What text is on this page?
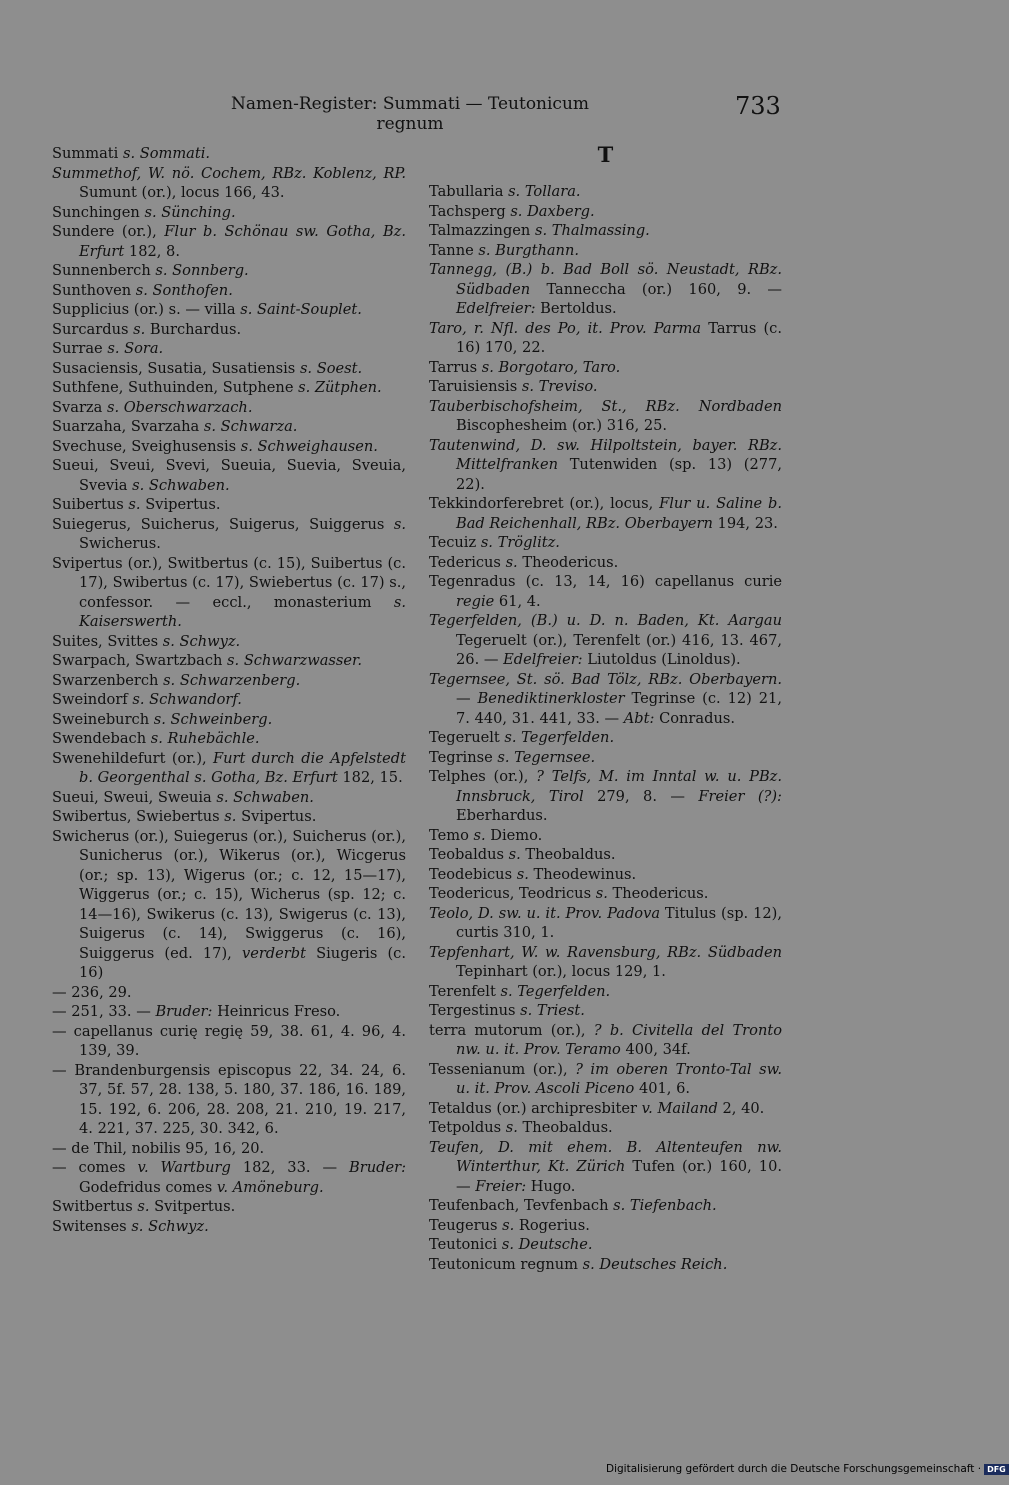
Namen-Register: Summati — Teutonicum regnum
733
Summati s. Sommati.
Summethof, W. nö. Cochem, RBz. Koblenz, RP. Sumunt (or.), locus 166, 43.
Sunchingen s. Sünching.
Sundere (or.), Flur b. Schönau sw. Gotha, Bz. Erfurt 182, 8.
Sunnenberch s. Sonnberg.
Sunthoven s. Sonthofen.
Supplicius (or.) s. — villa s. Saint-Souplet.
Surcardus s. Burchardus.
Surrae s. Sora.
Susaciensis, Susatia, Susatiensis s. Soest.
Suthfene, Suthuinden, Sutphene s. Zütphen.
Svarza s. Oberschwarzach.
Suarzaha, Svarzaha s. Schwarza.
Svechuse, Sveighusensis s. Schweighausen.
Sueui, Sveui, Svevi, Sueuia, Suevia, Sveuia, Svevia s. Schwaben.
Suibertus s. Svipertus.
Suiegerus, Suicherus, Suigerus, Suiggerus s. Swicherus.
Svipertus (or.), Switbertus (c. 15), Suibertus (c. 17), Swibertus (c. 17), Swiebertus (c. 17) s., confessor. — eccl., monasterium s. Kaiserswerth.
Suites, Svittes s. Schwyz.
Swarpach, Swartzbach s. Schwarzwasser.
Swarzenberch s. Schwarzenberg.
Sweindorf s. Schwandorf.
Sweineburch s. Schweinberg.
Swendebach s. Ruhebächle.
Swenehildefurt (or.), Furt durch die Apfelstedt b. Georgenthal s. Gotha, Bz. Erfurt 182, 15.
Sueui, Sweui, Sweuia s. Schwaben.
Swibertus, Swiebertus s. Svipertus.
Swicherus (or.), Suiegerus (or.), Suicherus (or.), Sunicherus (or.), Wikerus (or.), Wicgerus (or.; sp. 13), Wigerus (or.; c. 12, 15—17), Wiggerus (or.; c. 15), Wicherus (sp. 12; c. 14—16), Swikerus (c. 13), Swigerus (c. 13), Suigerus (c. 14), Swiggerus (c. 16), Suiggerus (ed. 17), verderbt Siugeris (c. 16)
— 236, 29.
— 251, 33. — Bruder: Heinricus Freso.
— capellanus curię regię 59, 38. 61, 4. 96, 4. 139, 39.
— Brandenburgensis episcopus 22, 34. 24, 6. 37, 5f. 57, 28. 138, 5. 180, 37. 186, 16. 189, 15. 192, 6. 206, 28. 208, 21. 210, 19. 217, 4. 221, 37. 225, 30. 342, 6.
— de Thil, nobilis 95, 16, 20.
— comes v. Wartburg 182, 33. — Bruder: Godefridus comes v. Amöneburg.
Switbertus s. Svitpertus.
Switenses s. Schwyz.
T
Tabullaria s. Tollara.
Tachsperg s. Daxberg.
Talmazzingen s. Thalmassing.
Tanne s. Burgthann.
Tannegg, (B.) b. Bad Boll sö. Neustadt, RBz. Südbaden Tanneccha (or.) 160, 9. — Edelfreier: Bertoldus.
Taro, r. Nfl. des Po, it. Prov. Parma Tarrus (c. 16) 170, 22.
Tarrus s. Borgotaro, Taro.
Taruisiensis s. Treviso.
Tauberbischofsheim, St., RBz. Nordbaden Biscophesheim (or.) 316, 25.
Tautenwind, D. sw. Hilpoltstein, bayer. RBz. Mittelfranken Tutenwiden (sp. 13) (277, 22).
Tekkindorferebret (or.), locus, Flur u. Saline b. Bad Reichenhall, RBz. Oberbayern 194, 23.
Tecuiz s. Tröglitz.
Tedericus s. Theodericus.
Tegenradus (c. 13, 14, 16) capellanus curie regie 61, 4.
Tegerfelden, (B.) u. D. n. Baden, Kt. Aargau Tegeruelt (or.), Terenfelt (or.) 416, 13. 467, 26. — Edelfreier: Liutoldus (Linoldus).
Tegernsee, St. sö. Bad Tölz, RBz. Oberbayern. — Benediktinerkloster Tegrinse (c. 12) 21, 7. 440, 31. 441, 33. — Abt: Conradus.
Tegeruelt s. Tegerfelden.
Tegrinse s. Tegernsee.
Telphes (or.), ? Telfs, M. im Inntal w. u. PBz. Innsbruck, Tirol 279, 8. — Freier (?): Eberhardus.
Temo s. Diemo.
Teobaldus s. Theobaldus.
Teodebicus s. Theodewinus.
Teodericus, Teodricus s. Theodericus.
Teolo, D. sw. u. it. Prov. Padova Titulus (sp. 12), curtis 310, 1.
Tepfenhart, W. w. Ravensburg, RBz. Südbaden Tepinhart (or.), locus 129, 1.
Terenfelt s. Tegerfelden.
Tergestinus s. Triest.
terra mutorum (or.), ? b. Civitella del Tronto nw. u. it. Prov. Teramo 400, 34f.
Tessenianum (or.), ? im oberen Tronto-Tal sw. u. it. Prov. Ascoli Piceno 401, 6.
Tetaldus (or.) archipresbiter v. Mailand 2, 40.
Tetpoldus s. Theobaldus.
Teufen, D. mit ehem. B. Altenteufen nw. Winterthur, Kt. Zürich Tufen (or.) 160, 10. — Freier: Hugo.
Teufenbach, Tevfenbach s. Tiefenbach.
Teugerus s. Rogerius.
Teutonici s. Deutsche.
Teutonicum regnum s. Deutsches Reich.
Digitalisierung gefördert durch die Deutsche Forschungsgemeinschaft · DFG
